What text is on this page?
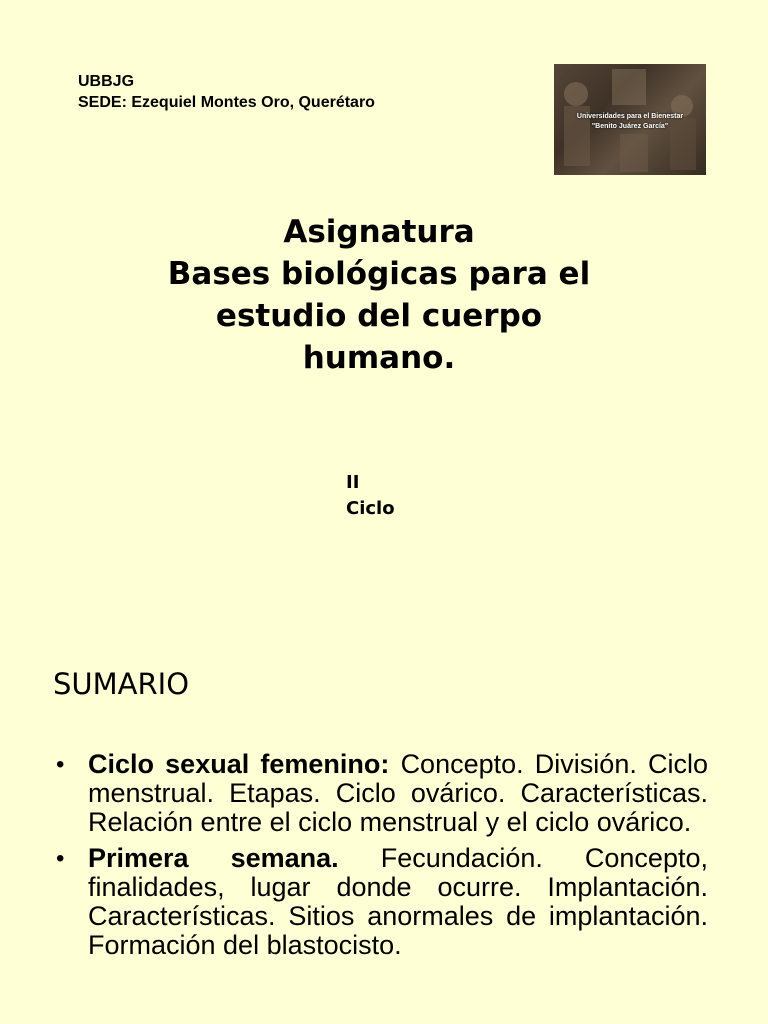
UBBJG
SEDE: Ezequiel Montes Oro, Querétaro
Universidades para el Bienestar
"Benito Juárez García"
Asignatura
Bases biológicas para el
estudio del cuerpo
humano.
II
Ciclo
SUMARIO
• Ciclo sexual femenino: Concepto. División. Ciclo menstrual. Etapas. Ciclo ovárico. Características. Relación entre el ciclo menstrual y el ciclo ovárico.
• Primera semana. Fecundación. Concepto, finalidades, lugar donde ocurre. Implantación. Características. Sitios anormales de implantación. Formación del blastocisto.
